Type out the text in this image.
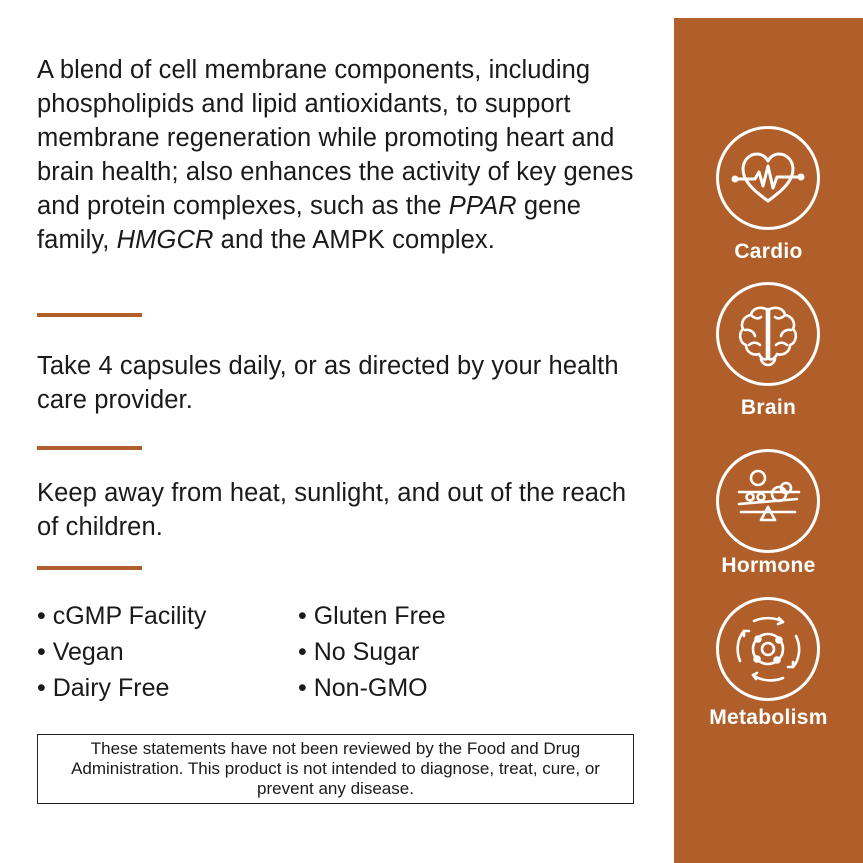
A blend of cell membrane components, including phospholipids and lipid antioxidants, to support membrane regeneration while promoting heart and brain health; also enhances the activity of key genes and protein complexes, such as the PPAR gene family, HMGCR and the AMPK complex.

Take 4 capsules daily, or as directed by your health care provider.

Keep away from heat, sunlight, and out of the reach of children.

• cGMP Facility
• Vegan
• Dairy Free
• Gluten Free
• No Sugar
• Non-GMO
These statements have not been reviewed by the Food and Drug Administration. This product is not intended to diagnose, treat, cure, or prevent any disease.
Cardio
Brain
Hormone
Metabolism
